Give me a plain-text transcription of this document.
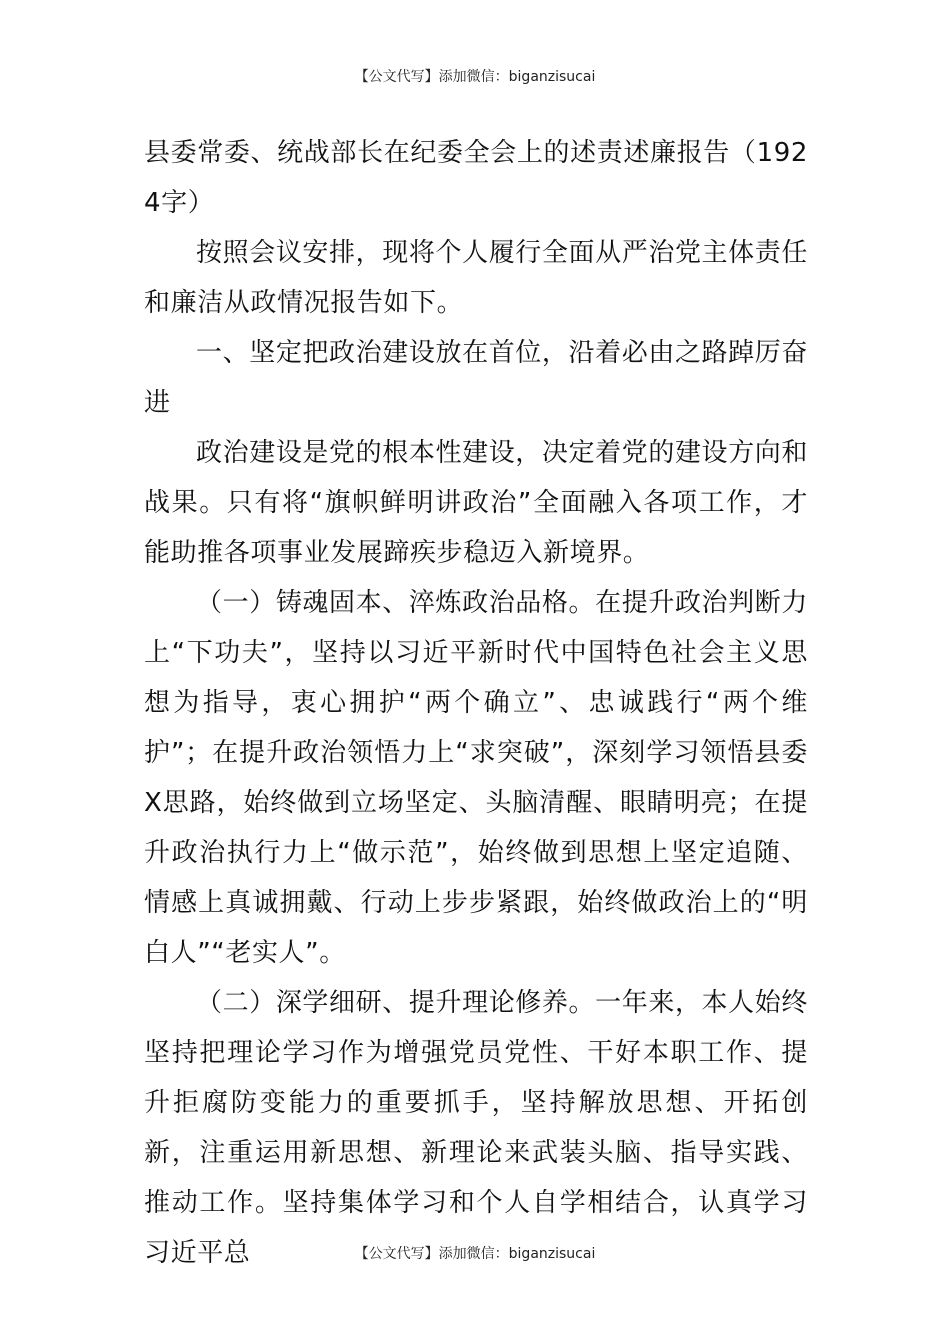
【公文代写】添加微信：biganzisucai

县委常委、统战部长在纪委全会上的述责述廉报告（1924字）

按照会议安排，现将个人履行全面从严治党主体责任和廉洁从政情况报告如下。

一、坚定把政治建设放在首位，沿着必由之路踔厉奋进

政治建设是党的根本性建设，决定着党的建设方向和战果。只有将“旗帜鲜明讲政治”全面融入各项工作，才能助推各项事业发展蹄疾步稳迈入新境界。

（一）铸魂固本、淬炼政治品格。在提升政治判断力上“下功夫”，坚持以习近平新时代中国特色社会主义思想为指导，衷心拥护“两个确立”、忠诚践行“两个维护”；在提升政治领悟力上“求突破”，深刻学习领悟县委X思路，始终做到立场坚定、头脑清醒、眼睛明亮；在提升政治执行力上“做示范”，始终做到思想上坚定追随、情感上真诚拥戴、行动上步步紧跟，始终做政治上的“明白人”“老实人”。

（二）深学细研、提升理论修养。一年来，本人始终坚持把理论学习作为增强党员党性、干好本职工作、提升拒腐防变能力的重要抓手，坚持解放思想、开拓创新，注重运用新思想、新理论来武装头脑、指导实践、推动工作。坚持集体学习和个人自学相结合，认真学习习近平总	【公文代写】添加微信：biganzisucai
